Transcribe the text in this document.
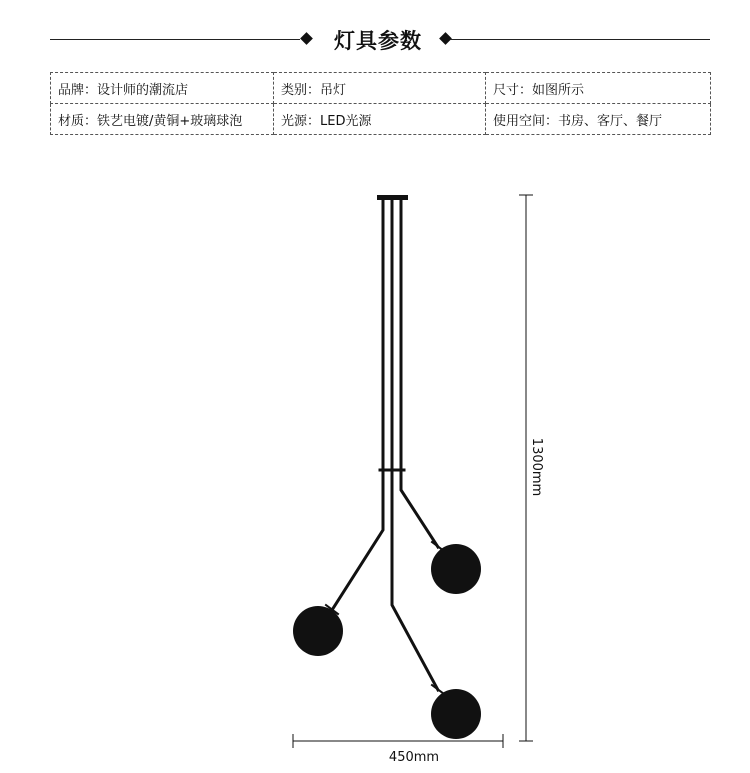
灯具参数
品牌：设计师的潮流店	类别：吊灯	尺寸：如图所示
材质：铁艺电镀/黄铜+玻璃球泡	光源：LED光源	使用空间：书房、客厅、餐厅
1300mm
450mm
